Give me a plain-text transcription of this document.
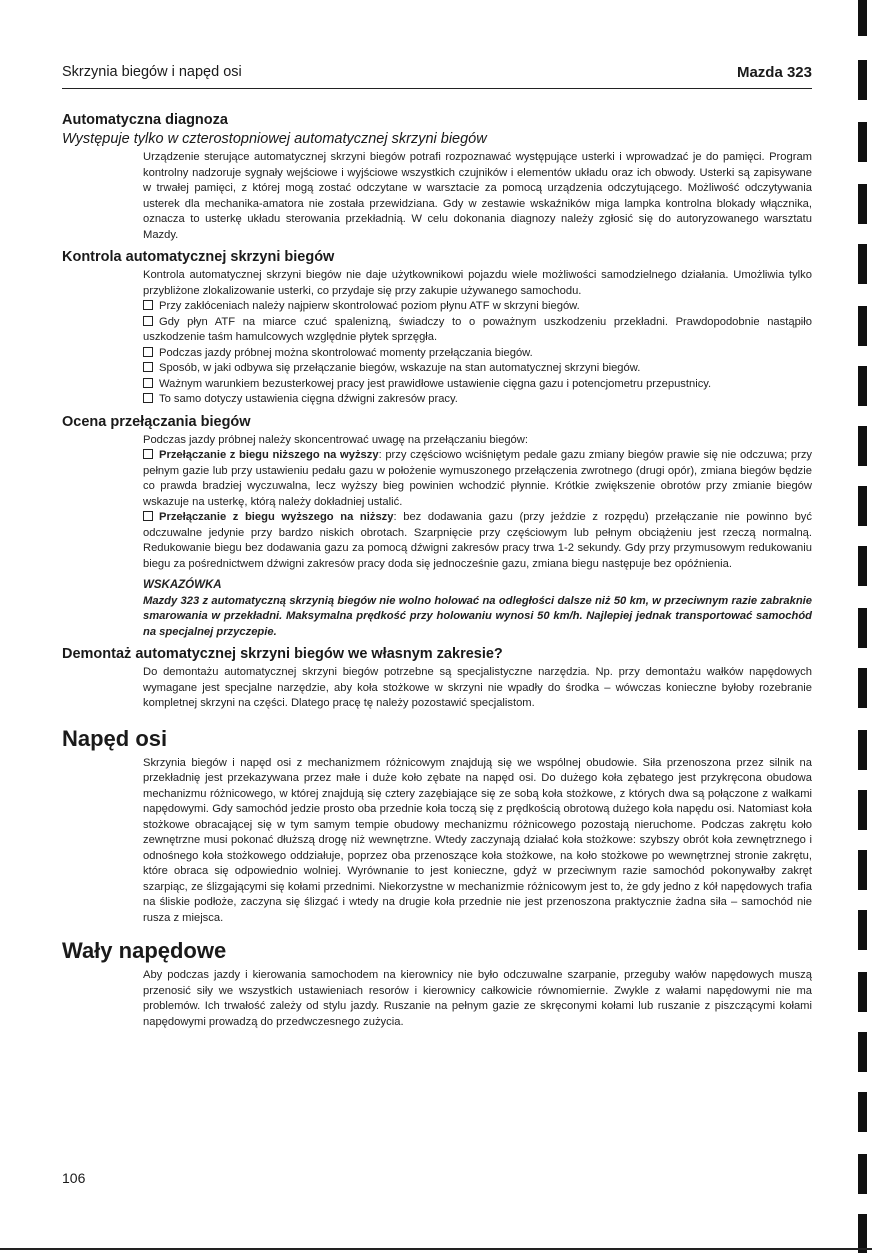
Skrzynia biegów i napęd osi	Mazda 323
Automatyczna diagnoza
Występuje tylko w czterostopniowej automatycznej skrzyni biegów
Urządzenie sterujące automatycznej skrzyni biegów potrafi rozpoznawać występujące usterki i wprowadzać je do pamięci. Program kontrolny nadzoruje sygnały wejściowe i wyjściowe wszystkich czujników i elementów układu oraz ich obwody. Usterki są zapisywane w trwałej pamięci, z której mogą zostać odczytane w warsztacie za pomocą urządzenia odczytującego. Możliwość odczytywania usterek dla mechanika-amatora nie została przewidziana. Gdy w zestawie wskaźników miga lampka kontrolna blokady włącznika, oznacza to usterkę układu sterowania przekładnią. W celu dokonania diagnozy należy zgłosić się do autoryzowanego warsztatu Mazdy.
Kontrola automatycznej skrzyni biegów
Kontrola automatycznej skrzyni biegów nie daje użytkownikowi pojazdu wiele możliwości samodzielnego działania. Umożliwia tylko przybliżone zlokalizowanie usterki, co przydaje się przy zakupie używanego samochodu.
Przy zakłóceniach należy najpierw skontrolować poziom płynu ATF w skrzyni biegów.
Gdy płyn ATF na miarce czuć spalenizną, świadczy to o poważnym uszkodzeniu przekładni. Prawdopodobnie nastąpiło uszkodzenie taśm hamulcowych względnie płytek sprzęgła.
Podczas jazdy próbnej można skontrolować momenty przełączania biegów.
Sposób, w jaki odbywa się przełączanie biegów, wskazuje na stan automatycznej skrzyni biegów.
Ważnym warunkiem bezusterkowej pracy jest prawidłowe ustawienie cięgna gazu i potencjometru przepustnicy.
To samo dotyczy ustawienia cięgna dźwigni zakresów pracy.
Ocena przełączania biegów
Podczas jazdy próbnej należy skoncentrować uwagę na przełączaniu biegów:
Przełączanie z biegu niższego na wyższy: przy częściowo wciśniętym pedale gazu zmiany biegów prawie się nie odczuwa; przy pełnym gazie lub przy ustawieniu pedału gazu w położenie wymuszonego przełączenia zwrotnego (drugi opór), zmiana biegów będzie co prawda bradziej wyczuwalna, lecz wyższy bieg powinien wchodzić płynnie. Krótkie zwiększenie obrotów przy zmianie biegów wskazuje na usterkę, którą należy dokładniej ustalić.
Przełączanie z biegu wyższego na niższy: bez dodawania gazu (przy jeździe z rozpędu) przełączanie nie powinno być odczuwalne jedynie przy bardzo niskich obrotach. Szarpnięcie przy częściowym lub pełnym obciążeniu jest rzeczą normalną. Redukowanie biegu bez dodawania gazu za pomocą dźwigni zakresów pracy trwa 1-2 sekundy. Gdy przy przymusowym redukowaniu biegu za pośrednictwem dźwigni zakresów pracy doda się jednocześnie gazu, zmiana biegu następuje bez opóźnienia.
WSKAZÓWKA
Mazdy 323 z automatyczną skrzynią biegów nie wolno holować na odległości dalsze niż 50 km, w przeciwnym razie zabraknie smarowania w przekładni. Maksymalna prędkość przy holowaniu wynosi 50 km/h. Najlepiej jednak transportować samochód na specjalnej przyczepie.
Demontaż automatycznej skrzyni biegów we własnym zakresie?
Do demontażu automatycznej skrzyni biegów potrzebne są specjalistyczne narzędzia. Np. przy demontażu wałków napędowych wymagane jest specjalne narzędzie, aby koła stożkowe w skrzyni nie wpadły do środka – wówczas konieczne byłoby rozebranie kompletnej skrzyni na części. Dlatego pracę tę należy pozostawić specjalistom.
Napęd osi
Skrzynia biegów i napęd osi z mechanizmem różnicowym znajdują się we wspólnej obudowie. Siła przenoszona przez silnik na przekładnię jest przekazywana przez małe i duże koło zębate na napęd osi. Do dużego koła zębatego jest przykręcona obudowa mechanizmu różnicowego, w której znajdują się cztery zazębiające się ze sobą koła stożkowe, z których dwa są połączone z wałkami napędowymi. Gdy samochód jedzie prosto oba przednie koła toczą się z prędkością obrotową dużego koła napędu osi. Natomiast koła stożkowe obracającej się w tym samym tempie obudowy mechanizmu różnicowego pozostają nieruchome. Podczas zakrętu koło zewnętrzne musi pokonać dłuższą drogę niż wewnętrzne. Wtedy zaczynają działać koła stożkowe: szybszy obrót koła zewnętrznego i odnośnego koła stożkowego oddziałuje, poprzez oba przenoszące koła stożkowe, na koło stożkowe po wewnętrznej stronie zakrętu, które obraca się odpowiednio wolniej. Wyrównanie to jest konieczne, gdyż w przeciwnym razie samochód pokonywałby zakręt szarpiąc, ze ślizgającymi się kołami przednimi. Niekorzystne w mechanizmie różnicowym jest to, że gdy jedno z kół napędowych trafia na śliskie podłoże, zaczyna się ślizgać i wtedy na drugie koła przednie nie jest przenoszona praktycznie żadna siła – samochód nie rusza z miejsca.
Wały napędowe
Aby podczas jazdy i kierowania samochodem na kierownicy nie było odczuwalne szarpanie, przeguby wałów napędowych muszą przenosić siły we wszystkich ustawieniach resorów i kierownicy całkowicie równomiernie. Zwykle z wałami napędowymi nie ma problemów. Ich trwałość zależy od stylu jazdy. Ruszanie na pełnym gazie ze skręconymi kołami lub ruszanie z piszczącymi kołami napędowymi prowadzą do przedwczesnego zużycia.
106
